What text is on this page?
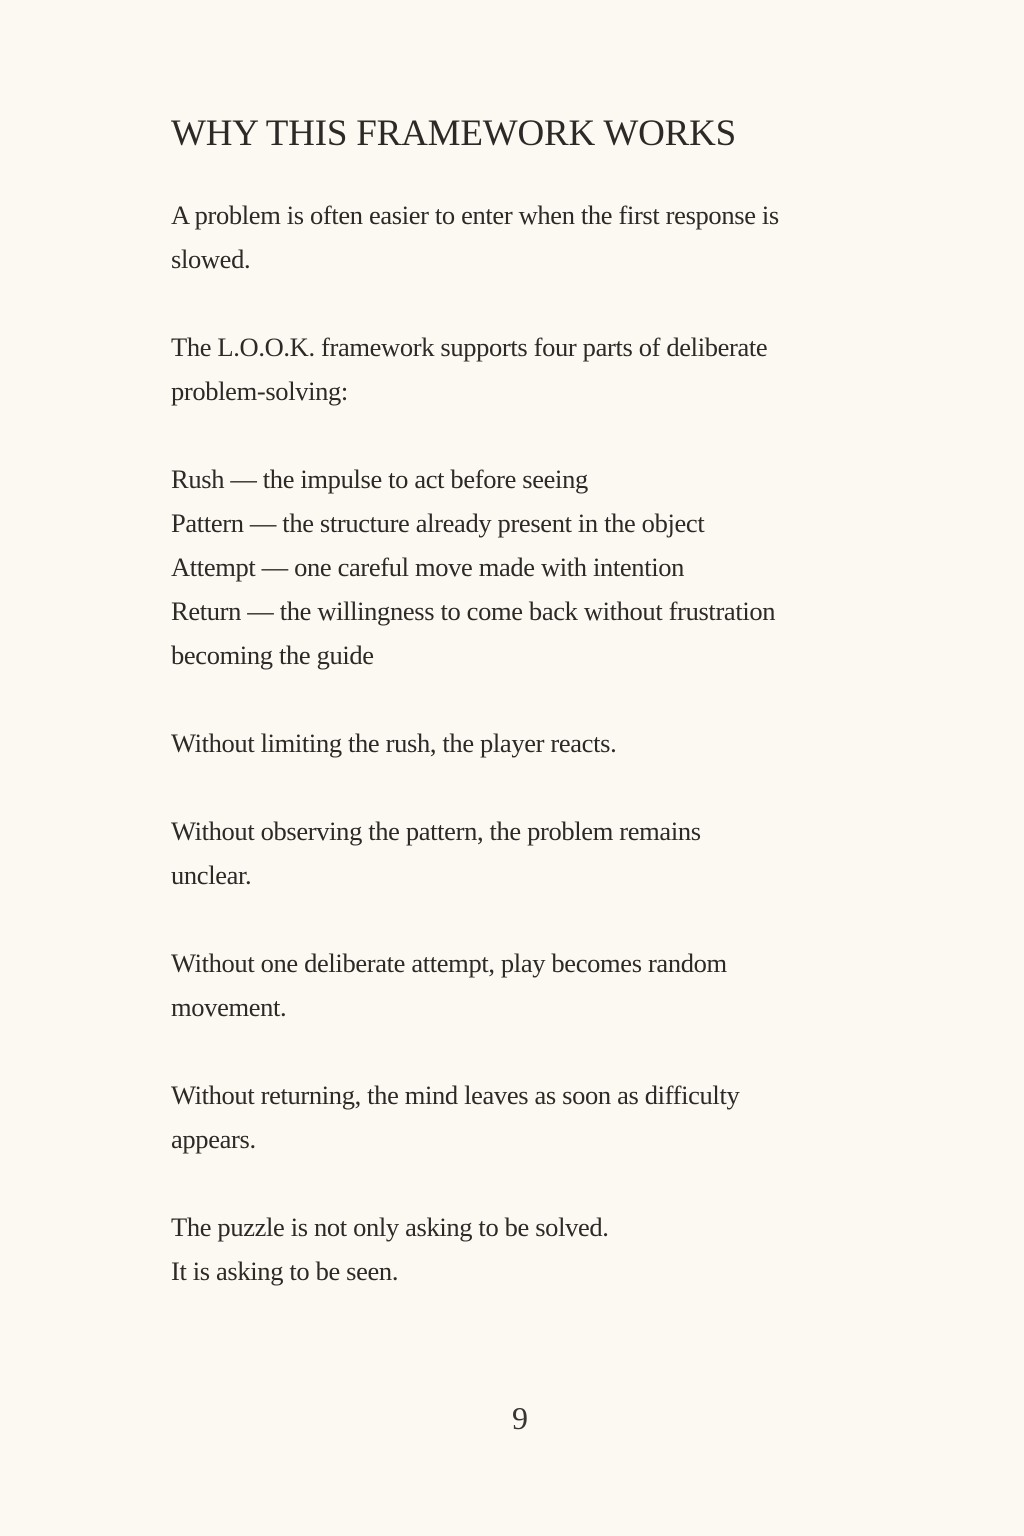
WHY THIS FRAMEWORK WORKS

A problem is often easier to enter when the first response is
slowed.

The L.O.O.K. framework supports four parts of deliberate
problem-solving:

Rush — the impulse to act before seeing
Pattern — the structure already present in the object
Attempt — one careful move made with intention
Return — the willingness to come back without frustration
becoming the guide

Without limiting the rush, the player reacts.

Without observing the pattern, the problem remains
unclear.

Without one deliberate attempt, play becomes random
movement.

Without returning, the mind leaves as soon as difficulty
appears.

The puzzle is not only asking to be solved.
It is asking to be seen.

9
